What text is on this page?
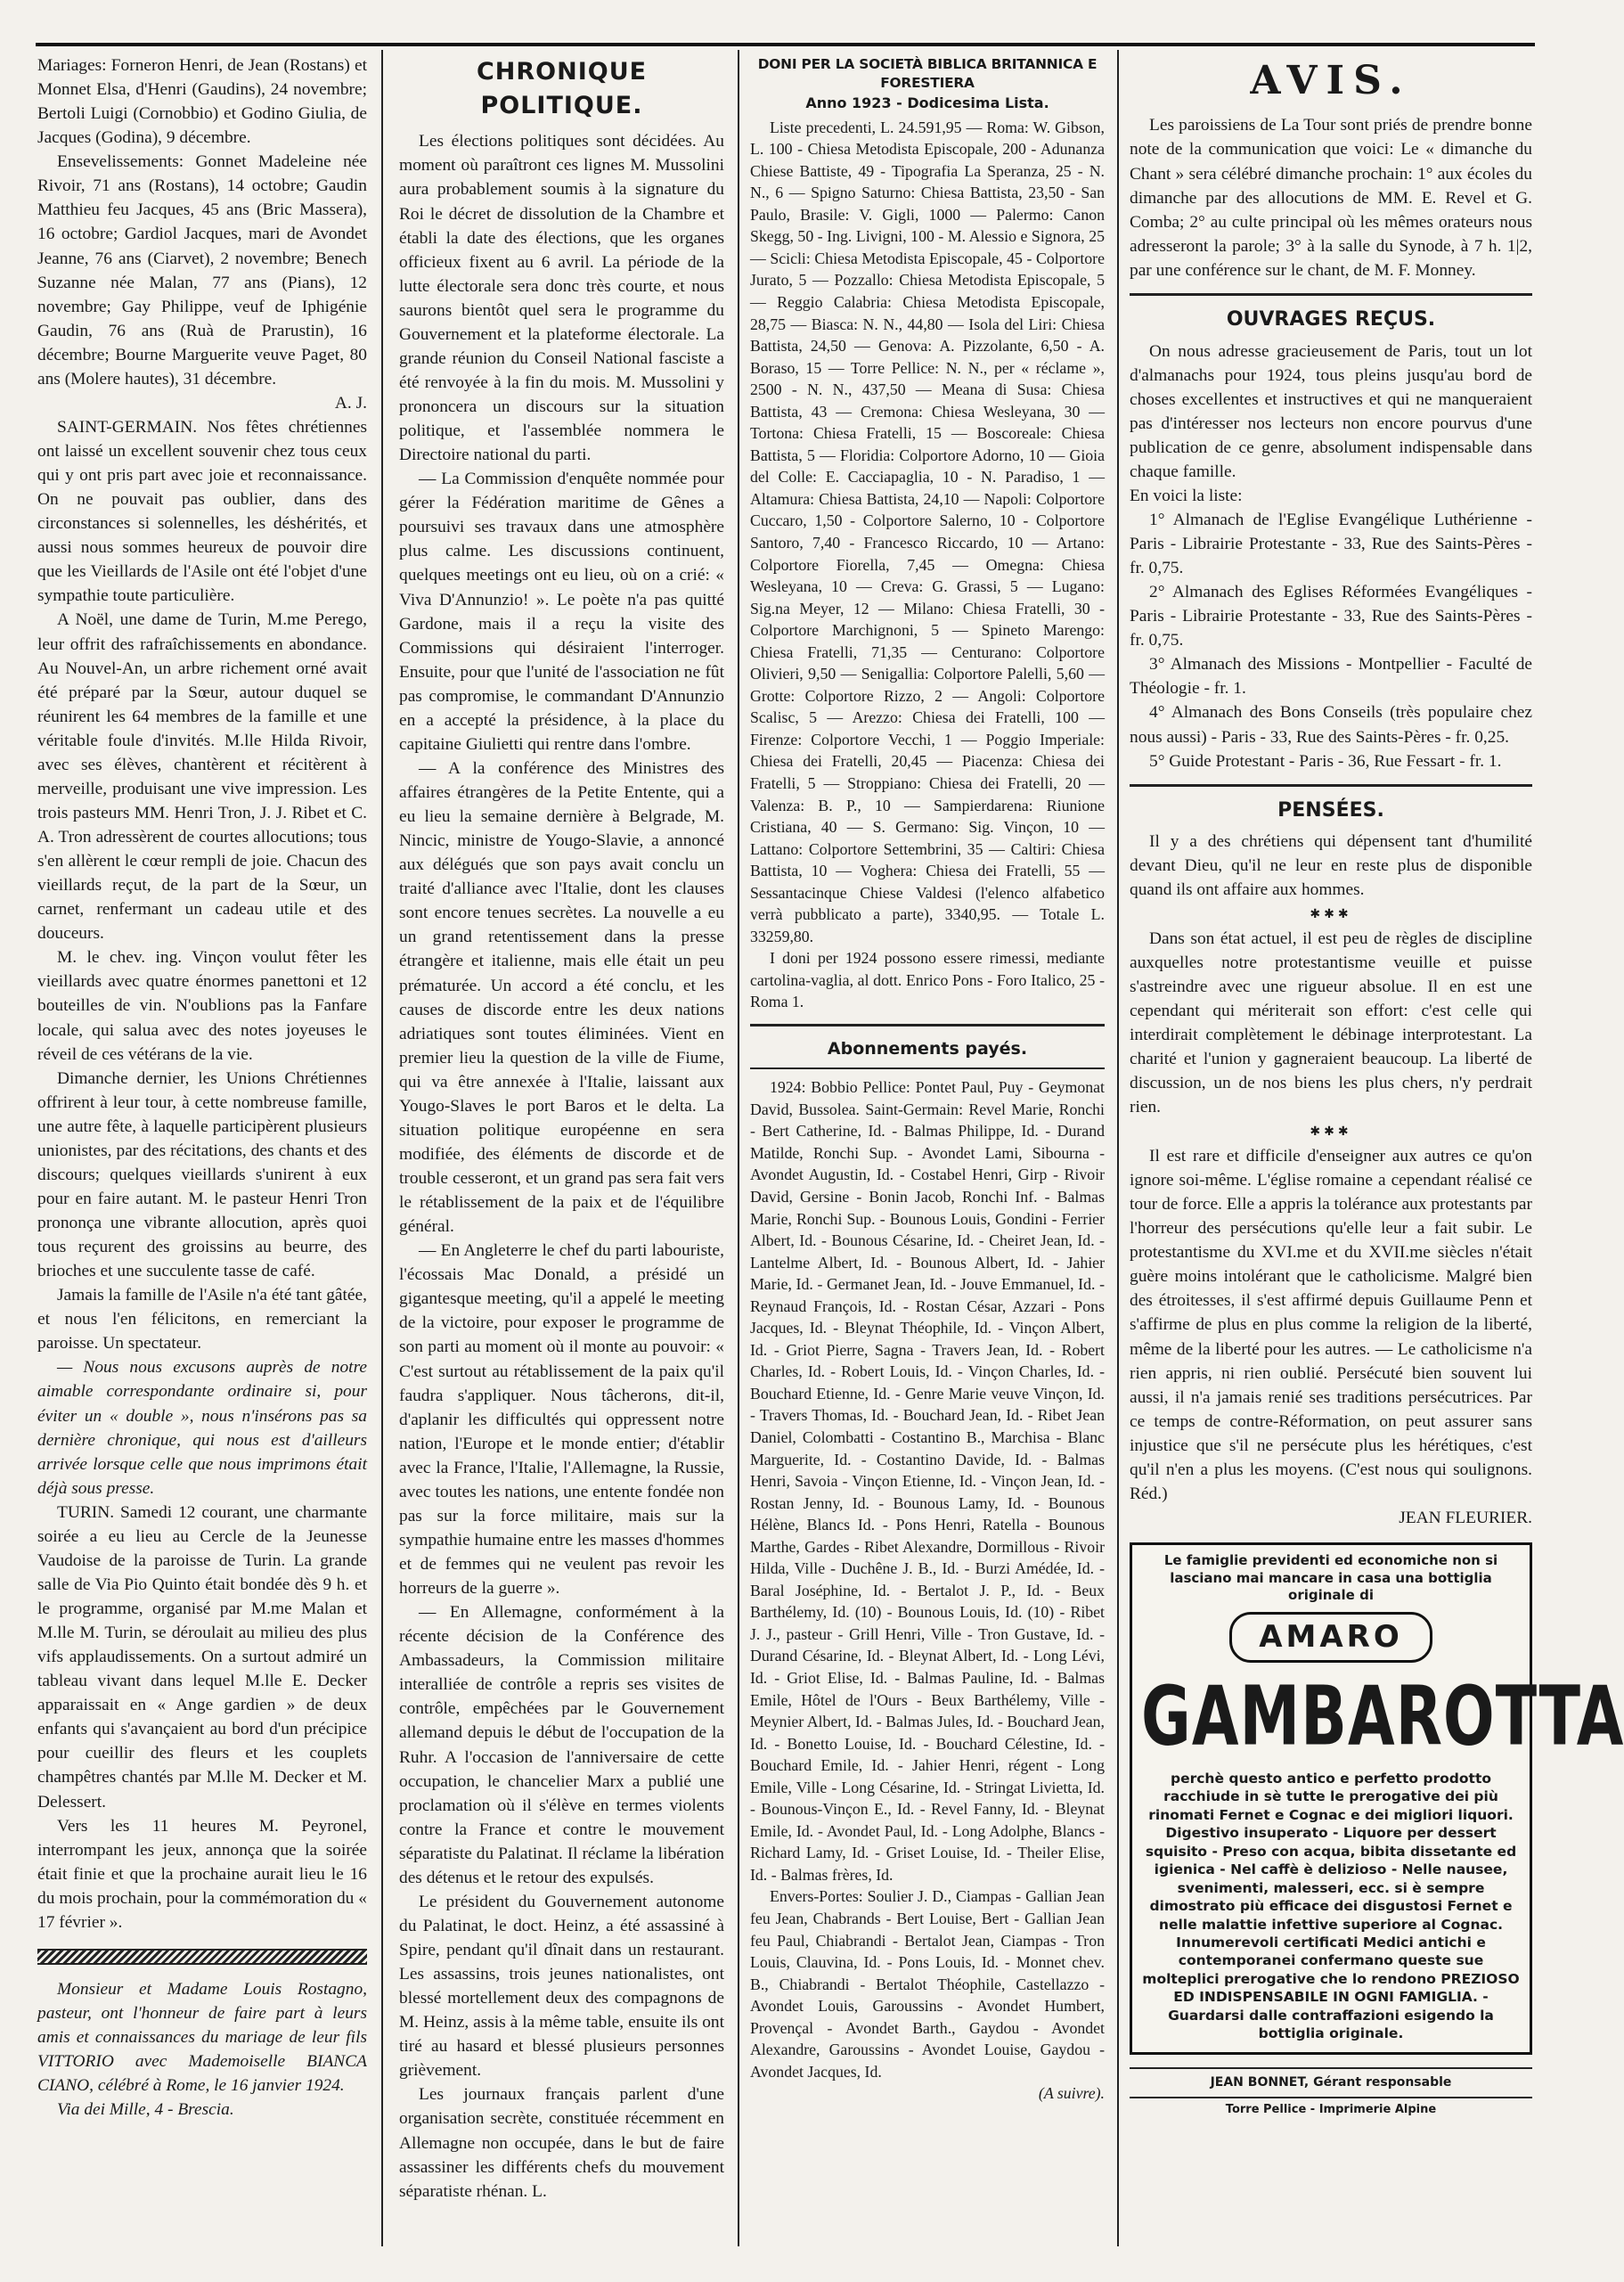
Mariages: Forneron Henri, de Jean (Rostans) et Monnet Elsa, d'Henri (Gaudins), 24 novembre; Bertoli Luigi (Cornobbio) et Godino Giulia, de Jacques (Godina), 9 décembre.

Ensevelissements: Gonnet Madeleine née Rivoir, 71 ans (Rostans), 14 octobre; Gaudin Matthieu feu Jacques, 45 ans (Bric Massera), 16 octobre; Gardiol Jacques, mari de Avondet Jeanne, 76 ans (Ciarvet), 2 novembre; Benech Suzanne née Malan, 77 ans (Pians), 12 novembre; Gay Philippe, veuf de Iphigénie Gaudin, 76 ans (Ruà de Prarustin), 16 décembre; Bourne Marguerite veuve Paget, 80 ans (Molere hautes), 31 décembre.

A. J.

SAINT-GERMAIN. Nos fêtes chrétiennes ont laissé un excellent souvenir chez tous ceux qui y ont pris part avec joie et reconnaissance. On ne pouvait pas oublier, dans des circonstances si solennelles, les déshérités, et aussi nous sommes heureux de pouvoir dire que les Vieillards de l'Asile ont été l'objet d'une sympathie toute particulière.

A Noël, une dame de Turin, M.me Perego, leur offrit des rafraîchissements en abondance. Au Nouvel-An, un arbre richement orné avait été préparé par la Sœur, autour duquel se réunirent les 64 membres de la famille et une véritable foule d'invités. M.lle Hilda Rivoir, avec ses élèves, chantèrent et récitèrent à merveille, produisant une vive impression. Les trois pasteurs MM. Henri Tron, J. J. Ribet et C. A. Tron adressèrent de courtes allocutions; tous s'en allèrent le cœur rempli de joie. Chacun des vieillards reçut, de la part de la Sœur, un carnet, renfermant un cadeau utile et des douceurs.

M. le chev. ing. Vinçon voulut fêter les vieillards avec quatre énormes panettoni et 12 bouteilles de vin. N'oublions pas la Fanfare locale, qui salua avec des notes joyeuses le réveil de ces vétérans de la vie.

Dimanche dernier, les Unions Chrétiennes offrirent à leur tour, à cette nombreuse famille, une autre fête, à laquelle participèrent plusieurs unionistes, par des récitations, des chants et des discours; quelques vieillards s'unirent à eux pour en faire autant. M. le pasteur Henri Tron prononça une vibrante allocution, après quoi tous reçurent des groissins au beurre, des brioches et une succulente tasse de café.

Jamais la famille de l'Asile n'a été tant gâtée, et nous l'en félicitons, en remerciant la paroisse. Un spectateur.

— Nous nous excusons auprès de notre aimable correspondante ordinaire si, pour éviter un « double », nous n'insérons pas sa dernière chronique, qui nous est d'ailleurs arrivée lorsque celle que nous imprimons était déjà sous presse.

TURIN. Samedi 12 courant, une charmante soirée a eu lieu au Cercle de la Jeunesse Vaudoise de la paroisse de Turin. La grande salle de Via Pio Quinto était bondée dès 9 h. et le programme, organisé par M.me Malan et M.lle M. Turin, se déroulait au milieu des plus vifs applaudissements. On a surtout admiré un tableau vivant dans lequel M.lle E. Decker apparaissait en « Ange gardien » de deux enfants qui s'avançaient au bord d'un précipice pour cueillir des fleurs et les couplets champêtres chantés par M.lle M. Decker et M. Delessert.

Vers les 11 heures M. Peyronel, interrompant les jeux, annonça que la soirée était finie et que la prochaine aurait lieu le 16 du mois prochain, pour la commémoration du « 17 février ».

Monsieur et Madame Louis Rostagno, pasteur, ont l'honneur de faire part à leurs amis et connaissances du mariage de leur fils VITTORIO avec Mademoiselle BIANCA CIANO, célébré à Rome, le 16 janvier 1924.

Via dei Mille, 4 - Brescia.

CHRONIQUE POLITIQUE.

Les élections politiques sont décidées. Au moment où paraîtront ces lignes M. Mussolini aura probablement soumis à la signature du Roi le décret de dissolution de la Chambre et établi la date des élections, que les organes officieux fixent au 6 avril. La période de la lutte électorale sera donc très courte, et nous saurons bientôt quel sera le programme du Gouvernement et la plateforme électorale. La grande réunion du Conseil National fasciste a été renvoyée à la fin du mois. M. Mussolini y prononcera un discours sur la situation politique, et l'assemblée nommera le Directoire national du parti.

— La Commission d'enquête nommée pour gérer la Fédération maritime de Gênes a poursuivi ses travaux dans une atmosphère plus calme. Les discussions continuent, quelques meetings ont eu lieu, où on a crié: « Viva D'Annunzio! ». Le poète n'a pas quitté Gardone, mais il a reçu la visite des Commissions qui désiraient l'interroger. Ensuite, pour que l'unité de l'association ne fût pas compromise, le commandant D'Annunzio en a accepté la présidence, à la place du capitaine Giulietti qui rentre dans l'ombre.

— A la conférence des Ministres des affaires étrangères de la Petite Entente, qui a eu lieu la semaine dernière à Belgrade, M. Nincic, ministre de Yougo-Slavie, a annoncé aux délégués que son pays avait conclu un traité d'alliance avec l'Italie, dont les clauses sont encore tenues secrètes. La nouvelle a eu un grand retentissement dans la presse étrangère et italienne, mais elle était un peu prématurée. Un accord a été conclu, et les causes de discorde entre les deux nations adriatiques sont toutes éliminées. Vient en premier lieu la question de la ville de Fiume, qui va être annexée à l'Italie, laissant aux Yougo-Slaves le port Baros et le delta. La situation politique européenne en sera modifiée, des éléments de discorde et de trouble cesseront, et un grand pas sera fait vers le rétablissement de la paix et de l'équilibre général.

— En Angleterre le chef du parti labouriste, l'écossais Mac Donald, a présidé un gigantesque meeting, qu'il a appelé le meeting de la victoire, pour exposer le programme de son parti au moment où il monte au pouvoir: « C'est surtout au rétablissement de la paix qu'il faudra s'appliquer. Nous tâcherons, dit-il, d'aplanir les difficultés qui oppressent notre nation, l'Europe et le monde entier; d'établir avec la France, l'Italie, l'Allemagne, la Russie, avec toutes les nations, une entente fondée non pas sur la force militaire, mais sur la sympathie humaine entre les masses d'hommes et de femmes qui ne veulent pas revoir les horreurs de la guerre ».

— En Allemagne, conformément à la récente décision de la Conférence des Ambassadeurs, la Commission militaire interalliée de contrôle a repris ses visites de contrôle, empêchées par le Gouvernement allemand depuis le début de l'occupation de la Ruhr. A l'occasion de l'anniversaire de cette occupation, le chancelier Marx a publié une proclamation où il s'élève en termes violents contre la France et contre le mouvement séparatiste du Palatinat. Il réclame la libération des détenus et le retour des expulsés.

Le président du Gouvernement autonome du Palatinat, le doct. Heinz, a été assassiné à Spire, pendant qu'il dînait dans un restaurant. Les assassins, trois jeunes nationalistes, ont blessé mortellement deux des compagnons de M. Heinz, assis à la même table, ensuite ils ont tiré au hasard et blessé plusieurs personnes grièvement.

Les journaux français parlent d'une organisation secrète, constituée récemment en Allemagne non occupée, dans le but de faire assassiner les différents chefs du mouvement séparatiste rhénan. L.

DONI PER LA SOCIETÀ BIBLICA BRITANNICA E FORESTIERA
Anno 1923 - Dodicesima Lista.

Liste precedenti, L. 24.591,95 — Roma: W. Gibson, L. 100 - Chiesa Metodista Episcopale, 200 - Adunanza Chiese Battiste, 49 - Tipografia La Speranza, 25 - N. N., 6 — Spigno Saturno: Chiesa Battista, 23,50 - San Paulo, Brasile: V. Gigli, 1000 — Palermo: Canon Skegg, 50 - Ing. Livigni, 100 - M. Alessio e Signora, 25 — Scicli: Chiesa Metodista Episcopale, 45 - Colportore Jurato, 5 — Pozzallo: Chiesa Metodista Episcopale, 5 — Reggio Calabria: Chiesa Metodista Episcopale, 28,75 — Biasca: N. N., 44,80 — Isola del Liri: Chiesa Battista, 24,50 — Genova: A. Pizzolante, 6,50 - A. Boraso, 15 — Torre Pellice: N. N., per « réclame », 2500 - N. N., 437,50 — Meana di Susa: Chiesa Battista, 43 — Cremona: Chiesa Wesleyana, 30 — Tortona: Chiesa Fratelli, 15 — Boscoreale: Chiesa Battista, 5 — Floridia: Colportore Adorno, 10 — Gioia del Colle: E. Cacciapaglia, 10 - N. Paradiso, 1 — Altamura: Chiesa Battista, 24,10 — Napoli: Colportore Cuccaro, 1,50 - Colportore Salerno, 10 - Colportore Santoro, 7,40 - Francesco Riccardo, 10 — Artano: Colportore Fiorella, 7,45 — Omegna: Chiesa Wesleyana, 10 — Creva: G. Grassi, 5 — Lugano: Sig.na Meyer, 12 — Milano: Chiesa Fratelli, 30 - Colportore Marchignoni, 5 — Spineto Marengo: Chiesa Fratelli, 71,35 — Centurano: Colportore Olivieri, 9,50 — Senigallia: Colportore Palelli, 5,60 — Grotte: Colportore Rizzo, 2 — Angoli: Colportore Scalisc, 5 — Arezzo: Chiesa dei Fratelli, 100 — Firenze: Colportore Vecchi, 1 — Poggio Imperiale: Chiesa dei Fratelli, 20,45 — Piacenza: Chiesa dei Fratelli, 5 — Stroppiano: Chiesa dei Fratelli, 20 — Valenza: B. P., 10 — Sampierdarena: Riunione Cristiana, 40 — S. Germano: Sig. Vinçon, 10 — Lattano: Colportore Settembrini, 35 — Caltiri: Chiesa Battista, 10 — Voghera: Chiesa dei Fratelli, 55 — Sessantacinque Chiese Valdesi (l'elenco alfabetico verrà pubblicato a parte), 3340,95. — Totale L. 33259,80.

I doni per 1924 possono essere rimessi, mediante cartolina-vaglia, al dott. Enrico Pons - Foro Italico, 25 - Roma 1.

Abonnements payés.

1924: Bobbio Pellice: Pontet Paul, Puy - Geymonat David, Bussolea. Saint-Germain: Revel Marie, Ronchi - Bert Catherine, Id. - Balmas Philippe, Id. - Durand Matilde, Ronchi Sup. - Avondet Lami, Sibourna - Avondet Augustin, Id. - Costabel Henri, Girp - Rivoir David, Gersine - Bonin Jacob, Ronchi Inf. - Balmas Marie, Ronchi Sup. - Bounous Louis, Gondini - Ferrier Albert, Id. - Bounous Césarine, Id. - Cheiret Jean, Id. - Lantelme Albert, Id. - Bounous Albert, Id. - Jahier Marie, Id. - Germanet Jean, Id. - Jouve Emmanuel, Id. - Reynaud François, Id. - Rostan César, Azzari - Pons Jacques, Id. - Bleynat Théophile, Id. - Vinçon Albert, Id. - Griot Pierre, Sagna - Travers Jean, Id. - Robert Charles, Id. - Robert Louis, Id. - Vinçon Charles, Id. - Bouchard Etienne, Id. - Genre Marie veuve Vinçon, Id. - Travers Thomas, Id. - Bouchard Jean, Id. - Ribet Jean Daniel, Colombatti - Costantino B., Marchisa - Blanc Marguerite, Id. - Costantino Davide, Id. - Balmas Henri, Savoia - Vinçon Etienne, Id. - Vinçon Jean, Id. - Rostan Jenny, Id. - Bounous Lamy, Id. - Bounous Hélène, Blancs Id. - Pons Henri, Ratella - Bounous Marthe, Gardes - Ribet Alexandre, Dormillous - Rivoir Hilda, Ville - Duchêne J. B., Id. - Burzi Amédée, Id. - Baral Joséphine, Id. - Bertalot J. P., Id. - Beux Barthélemy, Id. (10) - Bounous Louis, Id. (10) - Ribet J. J., pasteur - Grill Henri, Ville - Tron Gustave, Id. - Durand Césarine, Id. - Bleynat Albert, Id. - Long Lévi, Id. - Griot Elise, Id. - Balmas Pauline, Id. - Balmas Emile, Hôtel de l'Ours - Beux Barthélemy, Ville - Meynier Albert, Id. - Balmas Jules, Id. - Bouchard Jean, Id. - Bonetto Louise, Id. - Bouchard Célestine, Id. - Bouchard Emile, Id. - Jahier Henri, régent - Long Emile, Ville - Long Césarine, Id. - Stringat Livietta, Id. - Bounous-Vinçon E., Id. - Revel Fanny, Id. - Bleynat Emile, Id. - Avondet Paul, Id. - Long Adolphe, Blancs - Richard Lamy, Id. - Griset Louise, Id. - Theiler Elise, Id. - Balmas frères, Id.

Envers-Portes: Soulier J. D., Ciampas - Gallian Jean feu Jean, Chabrands - Bert Louise, Bert - Gallian Jean feu Paul, Chiabrandi - Bertalot Jean, Ciampas - Tron Louis, Clauvina, Id. - Pons Louis, Id. - Monnet chev. B., Chiabrandi - Bertalot Théophile, Castellazzo - Avondet Louis, Garoussins - Avondet Humbert, Provençal - Avondet Barth., Gaydou - Avondet Alexandre, Garoussins - Avondet Louise, Gaydou - Avondet Jacques, Id.

(A suivre).

AVIS.

Les paroissiens de La Tour sont priés de prendre bonne note de la communication que voici: Le « dimanche du Chant » sera célébré dimanche prochain: 1° aux écoles du dimanche par des allocutions de MM. E. Revel et G. Comba; 2° au culte principal où les mêmes orateurs nous adresseront la parole; 3° à la salle du Synode, à 7 h. 1|2, par une conférence sur le chant, de M. F. Monney.

OUVRAGES REÇUS.

On nous adresse gracieusement de Paris, tout un lot d'almanachs pour 1924, tous pleins jusqu'au bord de choses excellentes et instructives et qui ne manqueraient pas d'intéresser nos lecteurs non encore pourvus d'une publication de ce genre, absolument indispensable dans chaque famille.

En voici la liste:

1° Almanach de l'Eglise Evangélique Luthérienne - Paris - Librairie Protestante - 33, Rue des Saints-Pères - fr. 0,75.

2° Almanach des Eglises Réformées Evangéliques - Paris - Librairie Protestante - 33, Rue des Saints-Pères - fr. 0,75.

3° Almanach des Missions - Montpellier - Faculté de Théologie - fr. 1.

4° Almanach des Bons Conseils (très populaire chez nous aussi) - Paris - 33, Rue des Saints-Pères - fr. 0,25.

5° Guide Protestant - Paris - 36, Rue Fessart - fr. 1.

PENSÉES.

Il y a des chrétiens qui dépensent tant d'humilité devant Dieu, qu'il ne leur en reste plus de disponible quand ils ont affaire aux hommes.

✱✱✱

Dans son état actuel, il est peu de règles de discipline auxquelles notre protestantisme veuille et puisse s'astreindre avec une rigueur absolue. Il en est une cependant qui mériterait son effort: c'est celle qui interdirait complètement le débinage interprotestant. La charité et l'union y gagneraient beaucoup. La liberté de discussion, un de nos biens les plus chers, n'y perdrait rien.

✱✱✱

Il est rare et difficile d'enseigner aux autres ce qu'on ignore soi-même. L'église romaine a cependant réalisé ce tour de force. Elle a appris la tolérance aux protestants par l'horreur des persécutions qu'elle leur a fait subir. Le protestantisme du XVI.me et du XVII.me siècles n'était guère moins intolérant que le catholicisme. Malgré bien des étroitesses, il s'est affirmé depuis Guillaume Penn et s'affirme de plus en plus comme la religion de la liberté, même de la liberté pour les autres. — Le catholicisme n'a rien appris, ni rien oublié. Persécuté bien souvent lui aussi, il n'a jamais renié ses traditions persécutrices. Par ce temps de contre-Réformation, on peut assurer sans injustice que s'il ne persécute plus les hérétiques, c'est qu'il n'en a plus les moyens. (C'est nous qui soulignons. Réd.)

JEAN FLEURIER.

Le famiglie previdenti ed economiche non si lasciano mai mancare in casa una bottiglia originale di
AMARO
GAMBAROTTA
perchè questo antico e perfetto prodotto racchiude in sè tutte le prerogative dei più rinomati Fernet e Cognac e dei migliori liquori. Digestivo insuperato - Liquore per dessert squisito - Preso con acqua, bibita dissetante ed igienica - Nel caffè è delizioso - Nelle nausee, svenimenti, malesseri, ecc. si è sempre dimostrato più efficace dei disgustosi Fernet e nelle malattie infettive superiore al Cognac. Innumerevoli certificati Medici antichi e contemporanei confermano queste sue molteplici prerogative che lo rendono PREZIOSO ED INDISPENSABILE IN OGNI FAMIGLIA. - Guardarsi dalle contraffazioni esigendo la bottiglia originale.
JEAN BONNET, Gérant responsable
Torre Pellice - Imprimerie Alpine
